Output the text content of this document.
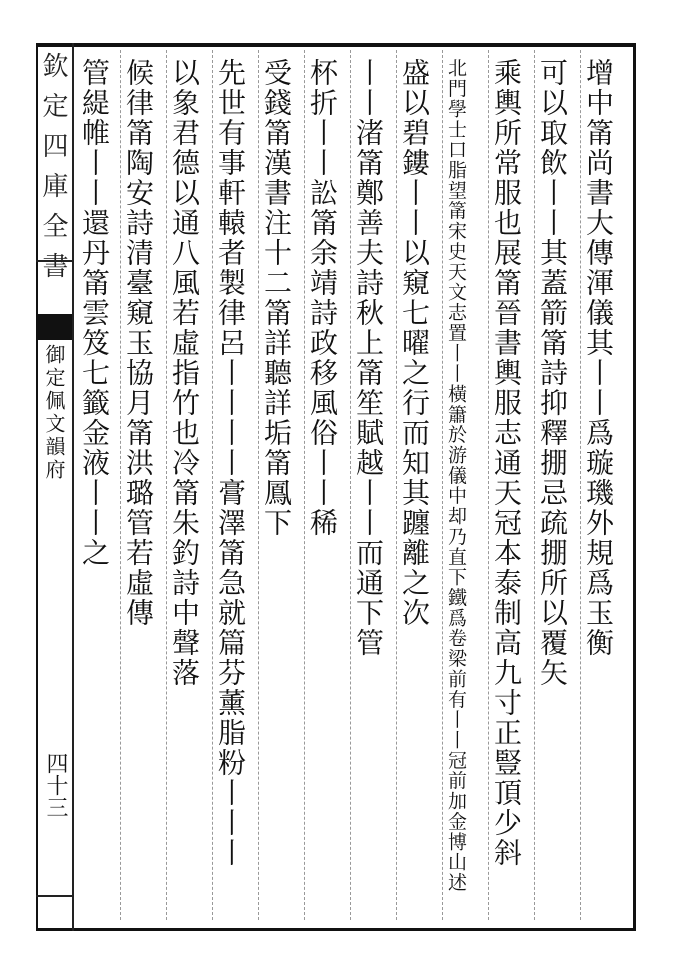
欽定四庫全書
御定佩文韻府
四十三
增中筩尚書大傳渾儀其丨丨爲璇璣外規爲玉衡
可以取飲丨丨其蓋箭筩詩抑釋掤忌疏掤所以覆矢
乘輿所常服也展筩晉書輿服志通天冠本泰制高九寸正豎頂少斜
北門學士口脂望筩宋史天文志置丨丨橫簫於游儀中却乃直下鐵爲卷梁前有丨丨冠前加金博山述
盛以碧鏤丨丨以窺七曜之行而知其躔離之次
丨丨渚筩鄭善夫詩秋上筩笙賦越丨丨而通下管
杯折丨丨訟筩余靖詩政移風俗丨丨稀
受錢筩漢書注十二筩詳聽詳垢筩鳳下
先世有事軒轅者製律呂丨丨丨丨膏澤筩急就篇芬薰脂粉丨丨丨
以象君德以通八風若虛指竹也冷筩朱釣詩中聲落
候律筩陶安詩清臺窺玉協月筩洪璐管若虛傳
管緹帷丨丨還丹筩雲笈七籤金液丨丨之
